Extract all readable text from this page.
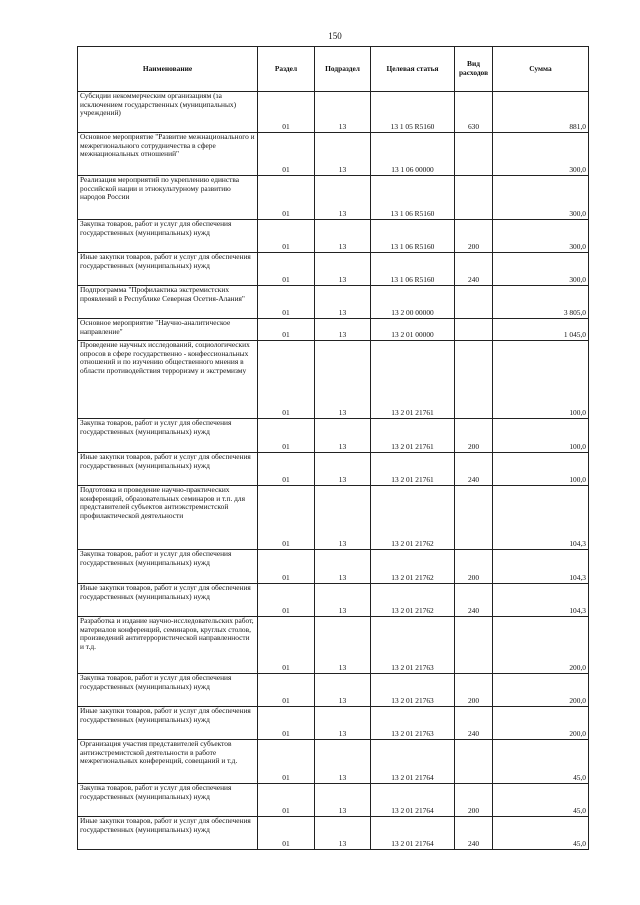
150
Наименование	Раздел	Подраздел	Целевая статья	Вид расходов	Сумма
Субсидии некоммерческим организациям (за исключением государственных (муниципальных) учреждений)	01	13	13 1 05 R5160	630	881,0
Основное мероприятие "Развитие межнационального и межрегионального сотрудничества в сфере межнациональных отношений"	01	13	13 1 06 00000		300,0
Реализация мероприятий по укреплению единства российской нации и этнокультурному развитию народов России	01	13	13 1 06 R5160		300,0
Закупка товаров, работ и услуг для обеспечения государственных (муниципальных) нужд	01	13	13 1 06 R5160	200	300,0
Иные закупки товаров, работ и услуг для обеспечения государственных (муниципальных) нужд	01	13	13 1 06 R5160	240	300,0
Подпрограмма "Профилактика экстремистских проявлений в Республике Северная Осетия-Алания"	01	13	13 2 00 00000		3 805,0
Основное мероприятие "Научно-аналитическое направление"	01	13	13 2 01 00000		1 045,0
Проведение научных исследований, социологических опросов в сфере государственно - конфессиональных отношений и по изучению общественного мнения в области противодействия терроризму и экстремизму	01	13	13 2 01 21761		100,0
Закупка товаров, работ и услуг для обеспечения государственных (муниципальных) нужд	01	13	13 2 01 21761	200	100,0
Иные закупки товаров, работ и услуг для обеспечения государственных (муниципальных) нужд	01	13	13 2 01 21761	240	100,0
Подготовка и проведение научно-практических конференций, образовательных семинаров и т.п. для представителей субъектов антиэкстремистской профилактической деятельности	01	13	13 2 01 21762		104,3
Закупка товаров, работ и услуг для обеспечения государственных (муниципальных) нужд	01	13	13 2 01 21762	200	104,3
Иные закупки товаров, работ и услуг для обеспечения государственных (муниципальных) нужд	01	13	13 2 01 21762	240	104,3
Разработка и издание научно-исследовательских работ, материалов конференций, семинаров, круглых столов, произведений антитеррористической направленности и т.д.	01	13	13 2 01 21763		200,0
Закупка товаров, работ и услуг для обеспечения государственных (муниципальных) нужд	01	13	13 2 01 21763	200	200,0
Иные закупки товаров, работ и услуг для обеспечения государственных (муниципальных) нужд	01	13	13 2 01 21763	240	200,0
Организация участия представителей субъектов антиэкстремистской деятельности в работе межрегиональных конференций, совещаний и т.д.	01	13	13 2 01 21764		45,0
Закупка товаров, работ и услуг для обеспечения государственных (муниципальных) нужд	01	13	13 2 01 21764	200	45,0
Иные закупки товаров, работ и услуг для обеспечения государственных (муниципальных) нужд	01	13	13 2 01 21764	240	45,0
